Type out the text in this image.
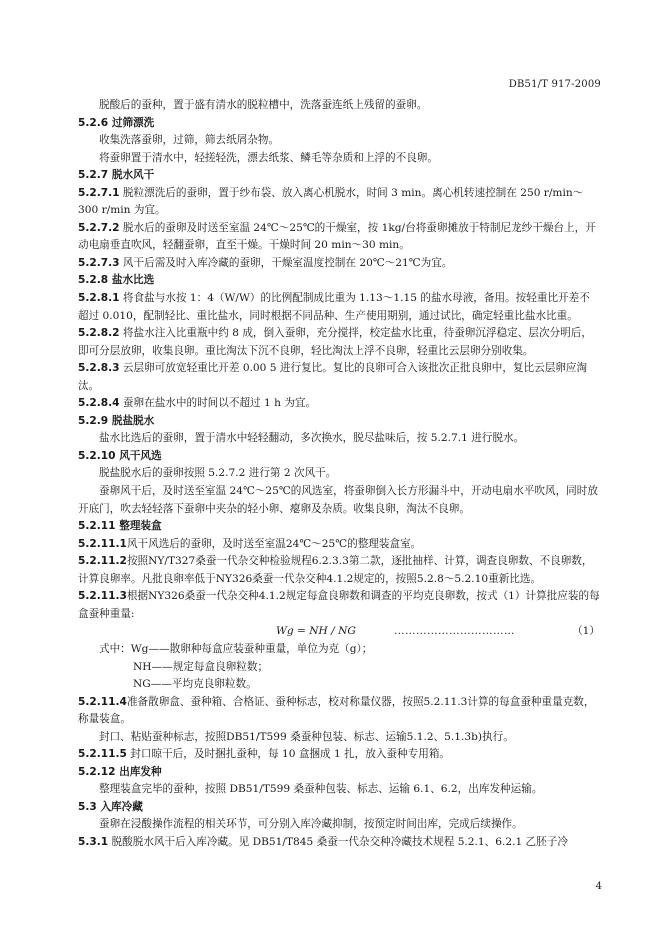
DB51/T 917-2009

脱酸后的蚕种，置于盛有清水的脱粒槽中，洗落蚕连纸上残留的蚕卵。

5.2.6 过筛漂洗

收集洗落蚕卵，过筛，筛去纸屑杂物。

将蚕卵置于清水中，轻搓轻洗，漂去纸浆、鳞毛等杂质和上浮的不良卵。

5.2.7 脱水风干

5.2.7.1 脱粒漂洗后的蚕卵，置于纱布袋、放入离心机脱水，时间 3 min。离心机转速控制在 250 r/min～300 r/min 为宜。

5.2.7.2 脱水后的蚕卵及时送至室温 24℃～25℃的干燥室，按 1kg/台将蚕卵摊放于特制尼龙纱干燥台上，开动电扇垂直吹风，轻翻蚕卵，直至干燥。干燥时间 20 min～30 min。

5.2.7.3 风干后需及时入库冷藏的蚕卵，干燥室温度控制在 20℃～21℃为宜。

5.2.8 盐水比选

5.2.8.1 将食盐与水按 1：4（W/W）的比例配制成比重为 1.13～1.15 的盐水母液，备用。按轻重比开差不超过 0.010，配制轻比、重比盐水，同时根据不同品种、生产使用期别，通过试比，确定轻重比盐水比重。

5.2.8.2 将盐水注入比重瓶中约 8 成，倒入蚕卵，充分搅拌，校定盐水比重，待蚕卵沉浮稳定、层次分明后，即可分层放卵，收集良卵。重比淘汰下沉不良卵，轻比淘汰上浮不良卵，轻重比云层卵分别收集。

5.2.8.3 云层卵可放宽轻重比开差 0.00 5 进行复比。复比的良卵可合入该批次正批良卵中，复比云层卵应淘汰。

5.2.8.4 蚕卵在盐水中的时间以不超过 1 h 为宜。

5.2.9 脱盐脱水

盐水比选后的蚕卵，置于清水中轻轻翻动，多次换水，脱尽盐味后，按 5.2.7.1 进行脱水。

5.2.10 风干风选

脱盐脱水后的蚕卵按照 5.2.7.2 进行第 2 次风干。

蚕卵风干后，及时送至室温 24℃～25℃的风选室，将蚕卵倒入长方形漏斗中，开动电扇水平吹风，同时放开底门，吹去轻轻落下蚕卵中夹杂的轻小卵、瘪卵及杂质。收集良卵，淘汰不良卵。

5.2.11 整理装盒

5.2.11.1风干风选后的蚕卵，及时送至室温24℃～25℃的整理装盒室。

5.2.11.2按照NY/T327桑蚕一代杂交种检验规程6.2.3.3第二款，逐批抽样、计算，调查良卵数、不良卵数，计算良卵率。凡批良卵率低于NY326桑蚕一代杂交种4.1.2规定的，按照5.2.8～5.2.10重新比选。

5.2.11.3根据NY326桑蚕一代杂交种4.1.2规定每盒良卵数和调查的平均克良卵数，按式（1）计算批应装的每盒蚕种重量:

Wg = NH / NG	……………………………	（1）

式中：Wg——散卵种每盒应装蚕种重量，单位为克（g）；

NH——规定每盒良卵粒数；

NG——平均克良卵粒数。

5.2.11.4准备散卵盒、蚕种箱、合格证、蚕种标志，校对称量仪器，按照5.2.11.3计算的每盒蚕种重量克数，称量装盒。

封口、粘贴蚕种标志，按照DB51/T599 桑蚕种包装、标志、运输5.1.2、5.1.3b)执行。

5.2.11.5 封口晾干后，及时捆扎蚕种，每 10 盒捆成 1 扎，放入蚕种专用箱。

5.2.12 出库发种

整理装盒完毕的蚕种，按照 DB51/T599 桑蚕种包装、标志、运输 6.1、6.2，出库发种运输。

5.3 入库冷藏

蚕卵在浸酸操作流程的相关环节，可分别入库冷藏抑制，按预定时间出库，完成后续操作。

5.3.1 脱酸脱水风干后入库冷藏。见 DB51/T845 桑蚕一代杂交种冷藏技术规程 5.2.1、6.2.1 乙胚子冷

4
